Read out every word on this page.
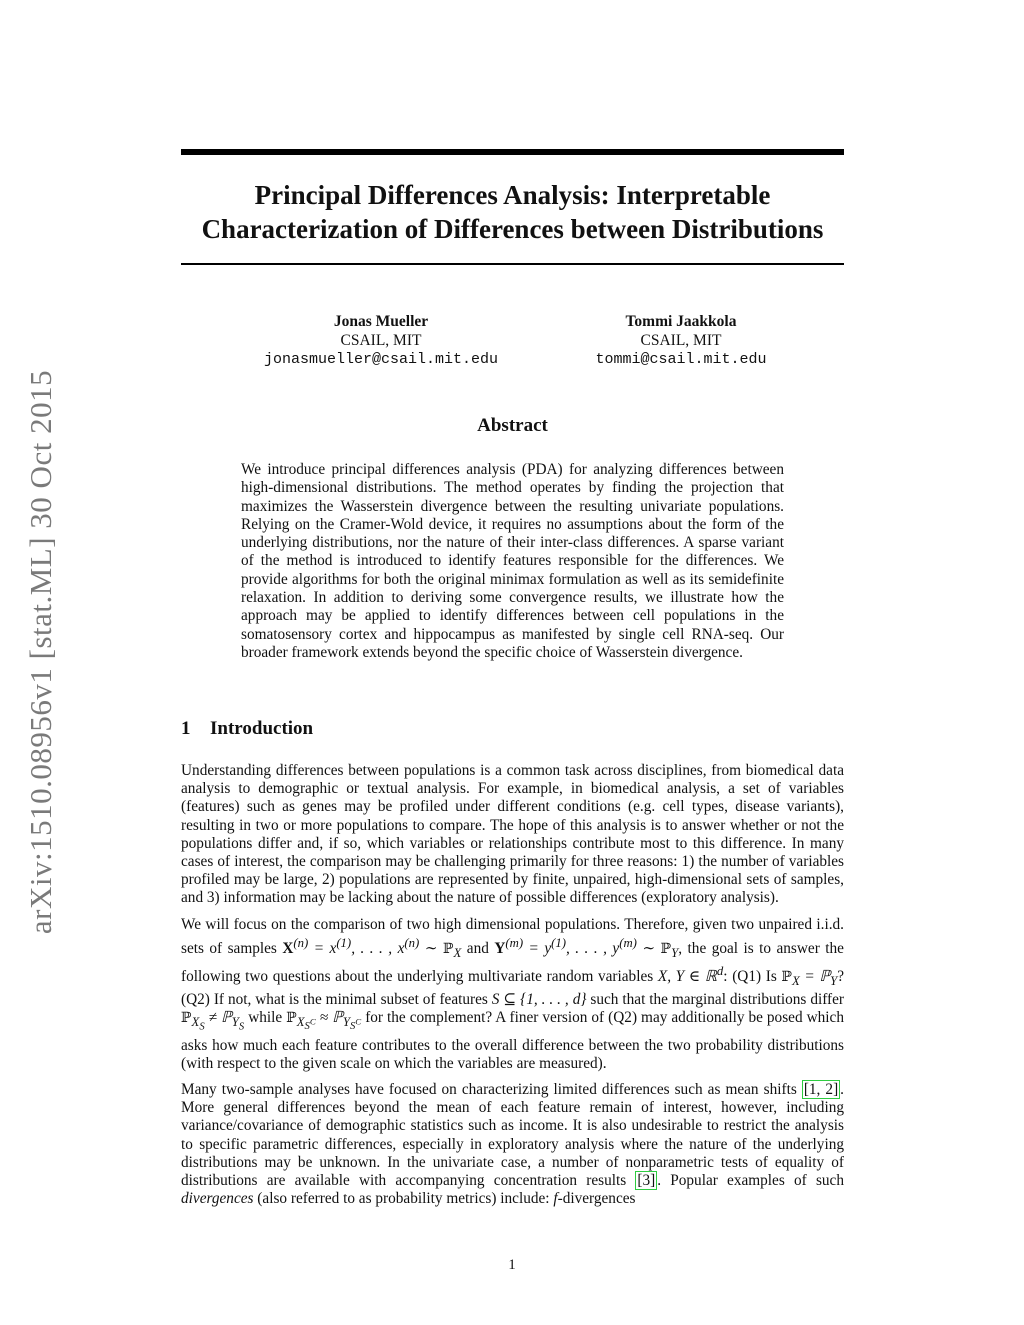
arXiv:1510.08956v1 [stat.ML] 30 Oct 2015
Principal Differences Analysis: Interpretable
Characterization of Differences between Distributions
Jonas Mueller
CSAIL, MIT
jonasmueller@csail.mit.edu
Tommi Jaakkola
CSAIL, MIT
tommi@csail.mit.edu
Abstract

We introduce principal differences analysis (PDA) for analyzing differences between high-dimensional distributions. The method operates by finding the projection that maximizes the Wasserstein divergence between the resulting univariate populations. Relying on the Cramer-Wold device, it requires no assumptions about the form of the underlying distributions, nor the nature of their inter-class differences. A sparse variant of the method is introduced to identify features responsible for the differences. We provide algorithms for both the original minimax formulation as well as its semidefinite relaxation. In addition to deriving some convergence results, we illustrate how the approach may be applied to identify differences between cell populations in the somatosensory cortex and hippocampus as manifested by single cell RNA-seq. Our broader framework extends beyond the specific choice of Wasserstein divergence.

1 Introduction

Understanding differences between populations is a common task across disciplines, from biomedical data analysis to demographic or textual analysis. For example, in biomedical analysis, a set of variables (features) such as genes may be profiled under different conditions (e.g. cell types, disease variants), resulting in two or more populations to compare. The hope of this analysis is to answer whether or not the populations differ and, if so, which variables or relationships contribute most to this difference. In many cases of interest, the comparison may be challenging primarily for three reasons: 1) the number of variables profiled may be large, 2) populations are represented by finite, unpaired, high-dimensional sets of samples, and 3) information may be lacking about the nature of possible differences (exploratory analysis).

We will focus on the comparison of two high dimensional populations. Therefore, given two unpaired i.i.d. sets of samples $X^{(n)} = x^{(1)}$, . . . , $x^{(n)}$ ∼ ℙ$_X$ and $Y^{(m)} = y^{(1)}$, . . . , $y^{(m)}$ ∼ ℙ$_Y$, the goal is to answer the following two questions about the underlying multivariate random variables X, Y ∈ ℝ$^d$: (Q1) Is ℙ$_X$ = ℙ$_Y$? (Q2) If not, what is the minimal subset of features S ⊆ {1, . . . , d} such that the marginal distributions differ ℙ$_{X_S}$ ≠ ℙ$_{Y_S}$ while ℙ$_{X_{S^C}}$ ≈ ℙ$_{Y_{S^C}}$ for the complement? A finer version of (Q2) may additionally be posed which asks how much each feature contributes to the overall difference between the two probability distributions (with respect to the given scale on which the variables are measured).

Many two-sample analyses have focused on characterizing limited differences such as mean shifts [1, 2] . More general differences beyond the mean of each feature remain of interest, however, including variance/covariance of demographic statistics such as income. It is also undesirable to restrict the analysis to specific parametric differences, especially in exploratory analysis where the nature of the underlying distributions may be unknown. In the univariate case, a number of nonparametric tests of equality of distributions are available with accompanying concentration results [3] . Popular examples of such divergences (also referred to as probability metrics) include: f-divergences

1
